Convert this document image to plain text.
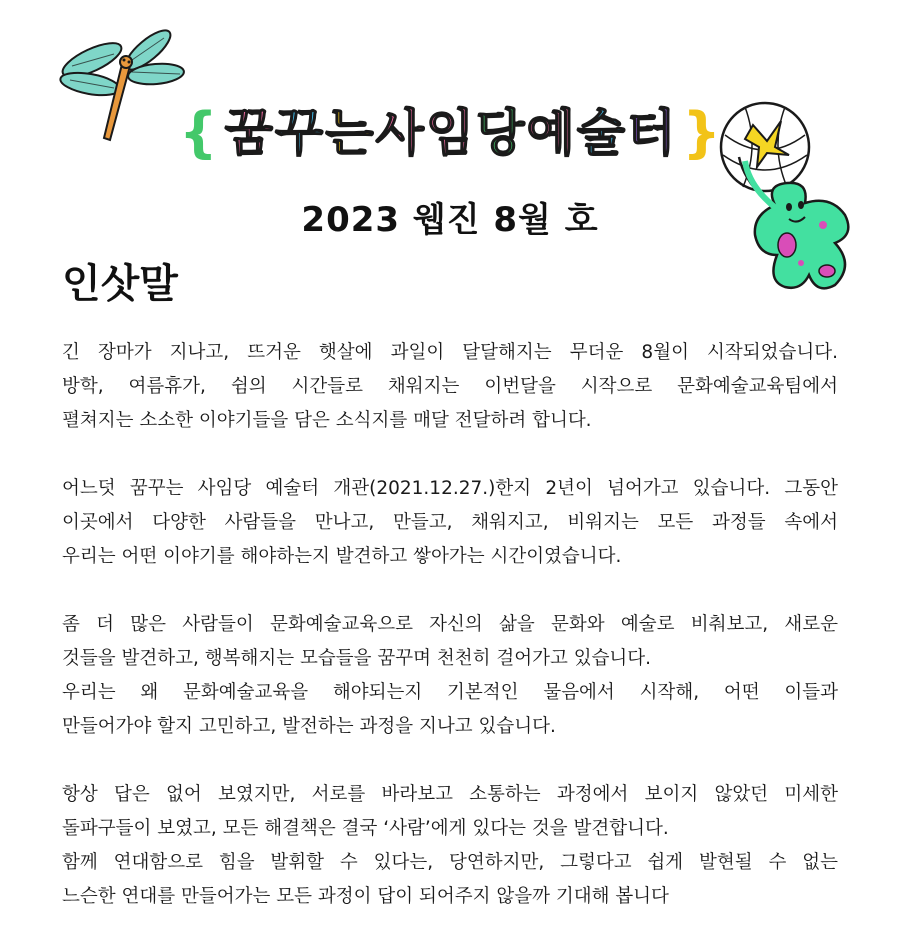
{ 꿈 꾸 는 사 임 당 예 술 터 }
2023 웹진 8월 호
인삿말
긴 장마가 지나고, 뜨거운 햇살에 과일이 달달해지는 무더운 8월이 시작되었습니다.
방학, 여름휴가, 쉼의 시간들로 채워지는 이번달을 시작으로 문화예술교육팀에서
펼쳐지는 소소한 이야기들을 담은 소식지를 매달 전달하려 합니다.
어느덧 꿈꾸는 사임당 예술터 개관(2021.12.27.)한지 2년이 넘어가고 있습니다. 그동안
이곳에서 다양한 사람들을 만나고, 만들고, 채워지고, 비워지는 모든 과정들 속에서
우리는 어떤 이야기를 해야하는지 발견하고 쌓아가는 시간이였습니다.
좀 더 많은 사람들이 문화예술교육으로 자신의 삶을 문화와 예술로 비춰보고, 새로운
것들을 발견하고, 행복해지는 모습들을 꿈꾸며 천천히 걸어가고 있습니다.
우리는 왜 문화예술교육을 해야되는지 기본적인 물음에서 시작해, 어떤 이들과
만들어가야 할지 고민하고, 발전하는 과정을 지나고 있습니다.
항상 답은 없어 보였지만, 서로를 바라보고 소통하는 과정에서 보이지 않았던 미세한
돌파구들이 보였고, 모든 해결책은 결국 ‘사람’에게 있다는 것을 발견합니다.
함께 연대함으로 힘을 발휘할 수 있다는, 당연하지만, 그렇다고 쉽게 발현될 수 없는
느슨한 연대를 만들어가는 모든 과정이 답이 되어주지 않을까 기대해 봅니다
